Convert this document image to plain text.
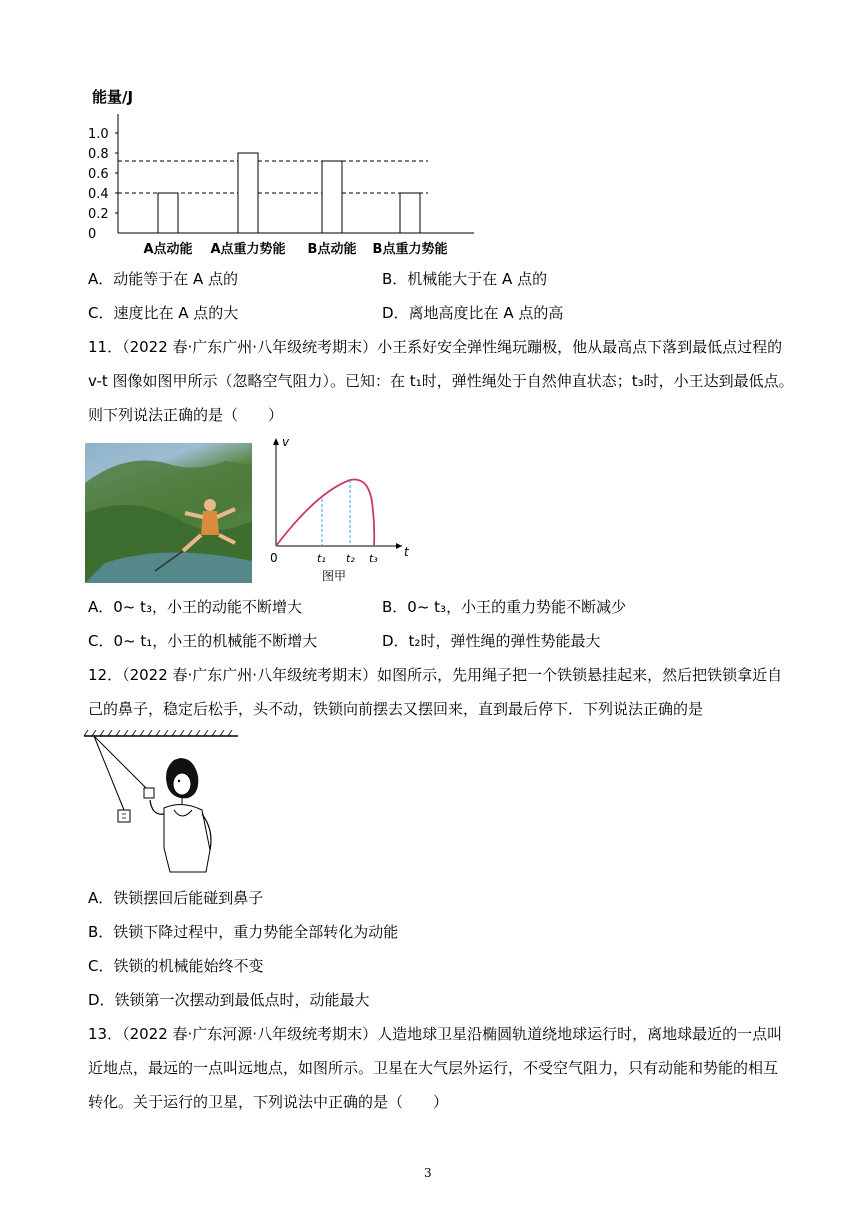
能量/J
1.0
0.8
0.6
0.4
0.2
0
A点动能 A点重力势能 B点动能 B点重力势能
A．动能等于在 A 点的	B．机械能大于在 A 点的
C．速度比在 A 点的大	D．离地高度比在 A 点的高
11．（2022 春·广东广州·八年级统考期末）小王系好安全弹性绳玩蹦极，他从最高点下落到最低点过程的
v-t 图像如图甲所示（忽略空气阻力）。已知：在 t₁时，弹性绳处于自然伸直状态；t₃时，小王达到最低点。
则下列说法正确的是（　　）
v
t
0	t₁ t₂ t₃
图甲
A．0~ t₃，小王的动能不断增大	B．0~ t₃，小王的重力势能不断减少
C．0~ t₁，小王的机械能不断增大	D．t₂时，弹性绳的弹性势能最大
12．（2022 春·广东广州·八年级统考期末）如图所示，先用绳子把一个铁锁悬挂起来，然后把铁锁拿近自
己的鼻子，稳定后松手，头不动，铁锁向前摆去又摆回来，直到最后停下．下列说法正确的是
A．铁锁摆回后能碰到鼻子
B．铁锁下降过程中，重力势能全部转化为动能
C．铁锁的机械能始终不变
D．铁锁第一次摆动到最低点时，动能最大
13．（2022 春·广东河源·八年级统考期末）人造地球卫星沿椭圆轨道绕地球运行时，离地球最近的一点叫
近地点，最远的一点叫远地点，如图所示。卫星在大气层外运行，不受空气阻力，只有动能和势能的相互
转化。关于运行的卫星，下列说法中正确的是（　　）
3
